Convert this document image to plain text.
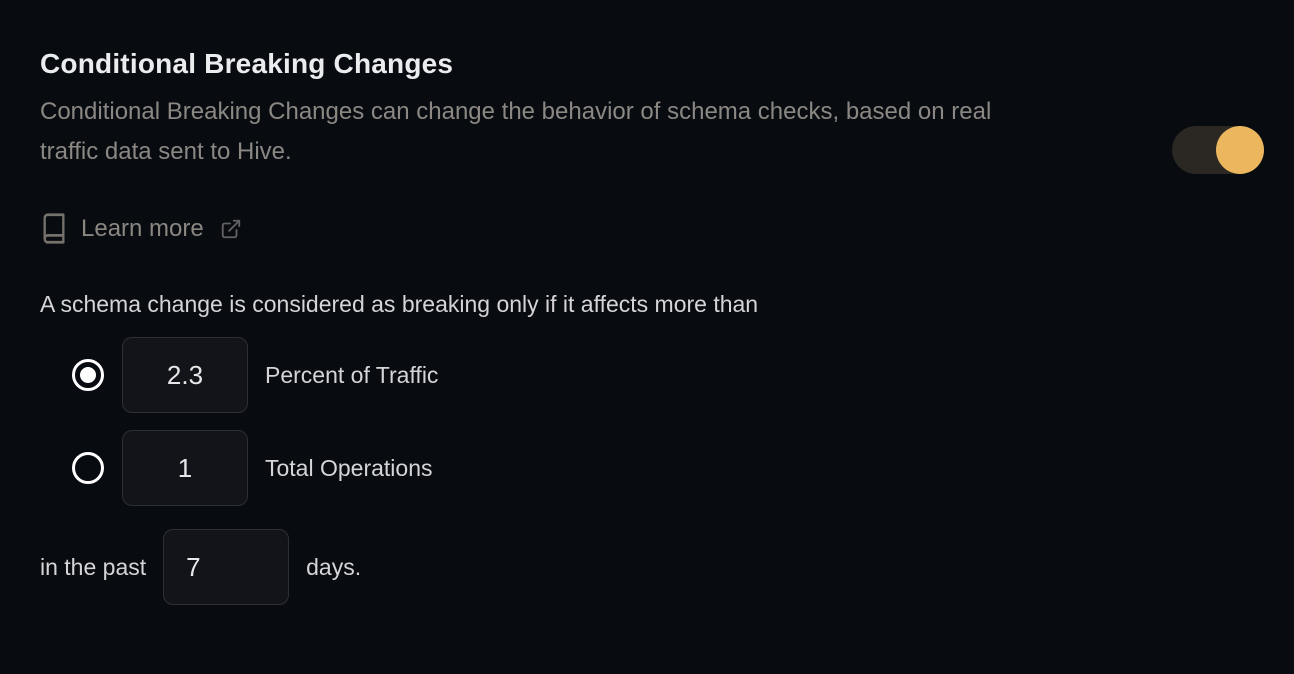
Conditional Breaking Changes
Conditional Breaking Changes can change the behavior of schema checks, based on real
traffic data sent to Hive.
Learn more
A schema change is considered as breaking only if it affects more than
2.3
Percent of Traffic
1
Total Operations
in the past
7	days.
